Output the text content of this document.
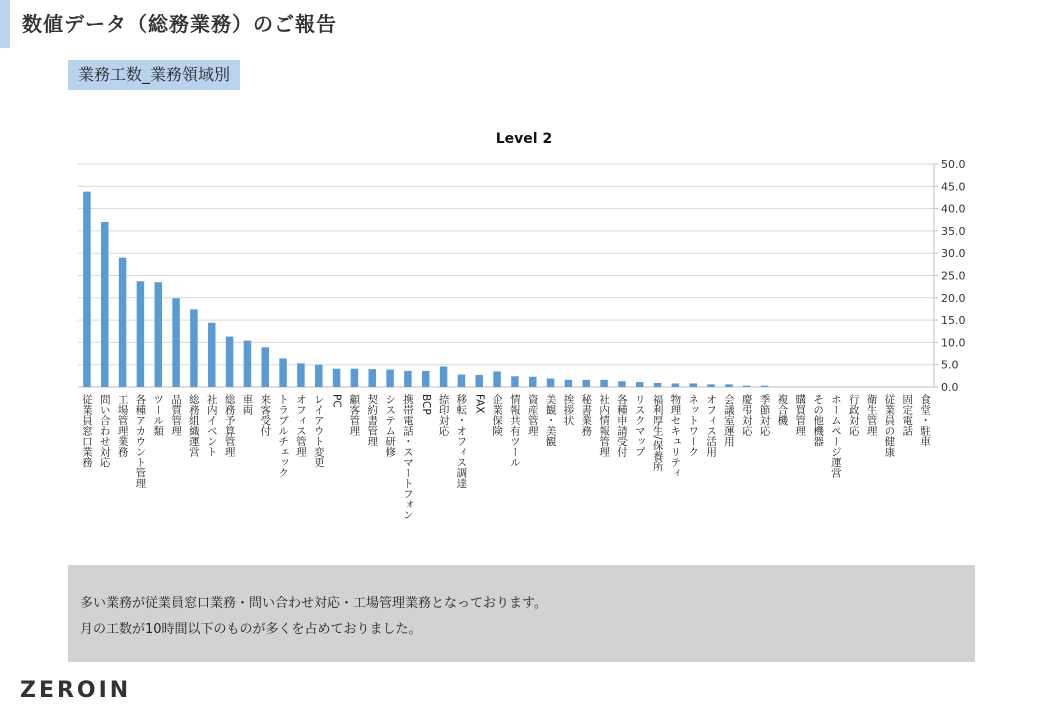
数値データ（総務業務）のご報告
業務工数_業務領域別
Level 2
0.0
5.0
10.0
15.0
20.0
25.0
30.0
35.0
40.0
45.0
50.0
従業員窓口業務 問い合わせ対応 工場管理業務 各種アカウント管理 ツール類 品質管理 総務組織運営 社内イベント 総務予算管理 車両 来客受付 トラブルチェック オフィス管理 レイアウト変更 PC 顧客管理 契約書管理 システム研修 携帯電話・スマートフォン BCP 捺印対応 移転・オフィス調達 FAX 企業保険 情報共有ツール 資産管理 美観・美観 挨拶状 秘書業務 社内情報管理 各種申請受付 リスクマップ 福利厚生/保養所 物理セキュリティ ネットワーク オフィス活用 会議室運用 慶弔対応 季節対応 複合機 購買管理 その他機器 ホームページ運営 行政対応 衛生管理 従業員の健康 固定電話 食堂・駐車

多い業務が従業員窓口業務・問い合わせ対応・工場管理業務となっております。

月の工数が10時間以下のものが多くを占めておりました。

ZEROIN
